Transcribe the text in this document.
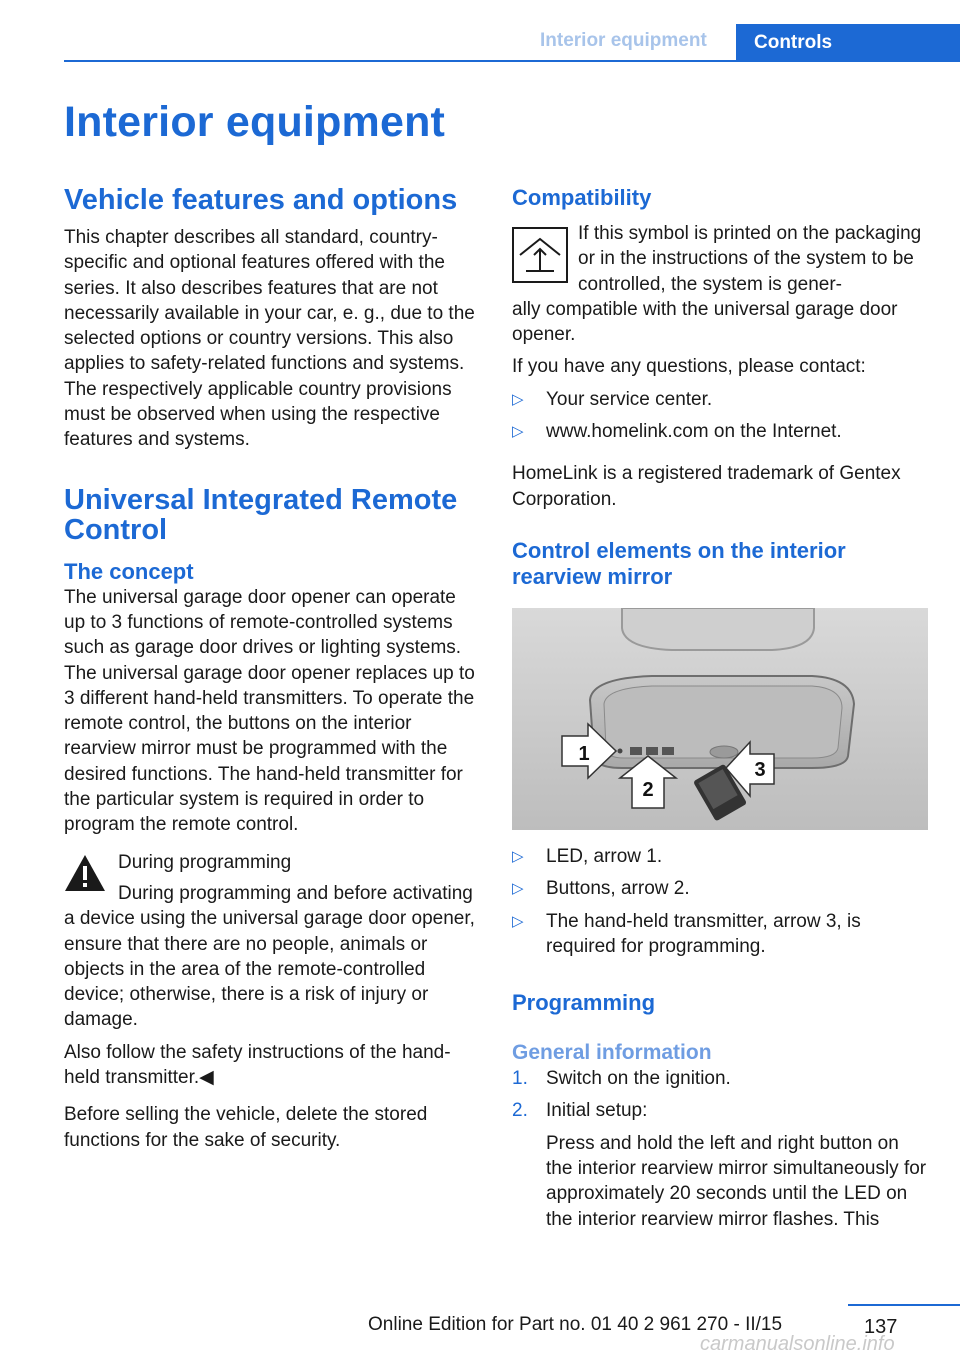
Interior equipment	Controls
Interior equipment
Vehicle features and options

This chapter describes all standard, country-specific and optional features offered with the series. It also describes features that are not necessarily available in your car, e. g., due to the selected options or country versions. This also applies to safety-related functions and systems. The respectively applicable country provisions must be observed when using the respective features and systems.

Universal Integrated Remote Control
The concept

The universal garage door opener can operate up to 3 functions of remote-controlled systems such as garage door drives or lighting systems. The universal garage door opener replaces up to 3 different hand-held transmitters. To operate the remote control, the buttons on the interior rearview mirror must be programmed with the desired functions. The hand-held transmitter for the particular system is required in order to program the remote control.

During programming

During programming and before activating a device using the universal garage door opener, ensure that there are no people, animals or objects in the area of the remote-controlled device; otherwise, there is a risk of injury or damage.

Also follow the safety instructions of the hand-held transmitter.◀

Before selling the vehicle, delete the stored functions for the sake of security.

Compatibility

If this symbol is printed on the packaging or in the instructions of the system to be controlled, the system is gener-

ally compatible with the universal garage door opener.

If you have any questions, please contact:

▷ Your service center.
▷ www.homelink.com on the Internet.

HomeLink is a registered trademark of Gentex Corporation.

Control elements on the interior rearview mirror
1
2
3
▷ LED, arrow 1.
▷ Buttons, arrow 2.
▷ The hand-held transmitter, arrow 3, is required for programming.
Programming
General information
1. Switch on the ignition.
2. Initial setup:
Press and hold the left and right button on the interior rearview mirror simultaneously for approximately 20 seconds until the LED on the interior rearview mirror flashes. This
137
Online Edition for Part no. 01 40 2 961 270 - II/15
carmanualsonline.info
